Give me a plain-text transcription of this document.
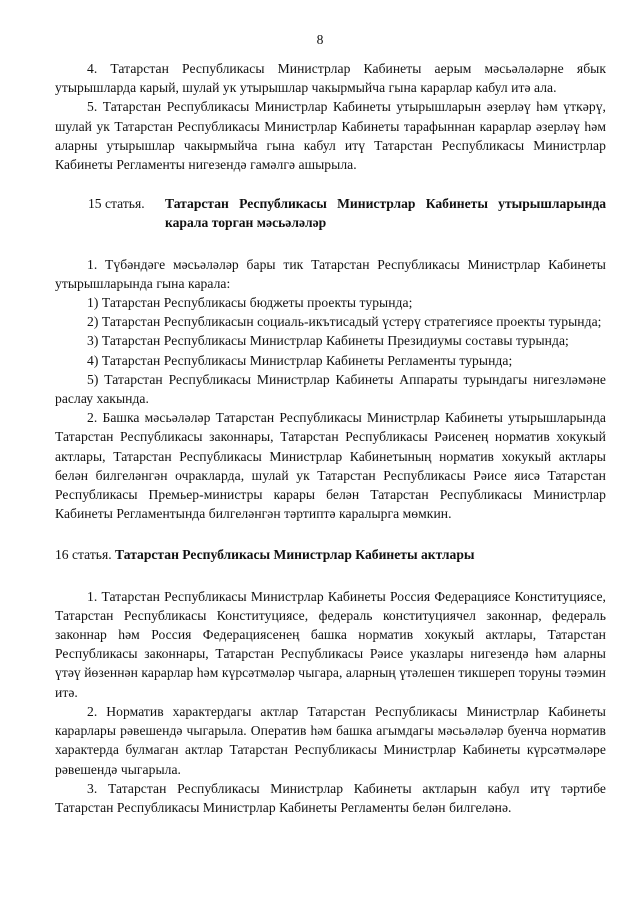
8

4. Татарстан Республикасы Министрлар Кабинеты аерым мәсьәләләрне ябык утырышларда карый, шулай ук утырышлар чакырмыйча гына карарлар кабул итә ала.

5. Татарстан Республикасы Министрлар Кабинеты утырышларын әзерләү һәм үткәрү, шулай ук Татарстан Республикасы Министрлар Кабинеты тарафыннан карарлар әзерләү һәм аларны утырышлар чакырмыйча гына кабул итү Татарстан Республикасы Министрлар Кабинеты Регламенты нигезендә гамәлгә ашырыла.

15 статья.	Татарстан Республикасы Министрлар Кабинеты утырышларында карала торган мәсьәләләр

1. Түбәндәге мәсьәләләр бары тик Татарстан Республикасы Министрлар Кабинеты утырышларында гына карала:

1) Татарстан Республикасы бюджеты проекты турында;

2) Татарстан Республикасын социаль-икътисадый үстерү стратегиясе проекты турында;

3) Татарстан Республикасы Министрлар Кабинеты Президиумы составы турында;

4) Татарстан Республикасы Министрлар Кабинеты Регламенты турында;

5) Татарстан Республикасы Министрлар Кабинеты Аппараты турындагы нигезләмәне раслау хакында.

2. Башка мәсьәләләр Татарстан Республикасы Министрлар Кабинеты утырышларында Татарстан Республикасы законнары, Татарстан Республикасы Рәисенең норматив хокукый актлары, Татарстан Республикасы Министрлар Кабинетының норматив хокукый актлары белән билгеләнгән очракларда, шулай ук Татарстан Республикасы Рәисе яисә Татарстан Республикасы Премьер-министры карары белән Татарстан Республикасы Министрлар Кабинеты Регламентында билгеләнгән тәртиптә каралырга мөмкин.

16 статья. Татарстан Республикасы Министрлар Кабинеты актлары

1. Татарстан Республикасы Министрлар Кабинеты Россия Федерациясе Конституциясе, Татарстан Республикасы Конституциясе, федераль конституциячел законнар, федераль законнар һәм Россия Федерациясенең башка норматив хокукый актлары, Татарстан Республикасы законнары, Татарстан Республикасы Рәисе указлары нигезендә һәм аларны үтәү йөзеннән карарлар һәм күрсәтмәләр чыгара, аларның үтәлешен тикшереп торуны тәэмин итә.

2. Норматив характердагы актлар Татарстан Республикасы Министрлар Кабинеты карарлары рәвешендә чыгарыла. Оператив һәм башка агымдагы мәсьәләләр буенча норматив характерда булмаган актлар Татарстан Республикасы Министрлар Кабинеты күрсәтмәләре рәвешендә чыгарыла.

3. Татарстан Республикасы Министрлар Кабинеты актларын кабул итү тәртибе Татарстан Республикасы Министрлар Кабинеты Регламенты белән билгеләнә.
